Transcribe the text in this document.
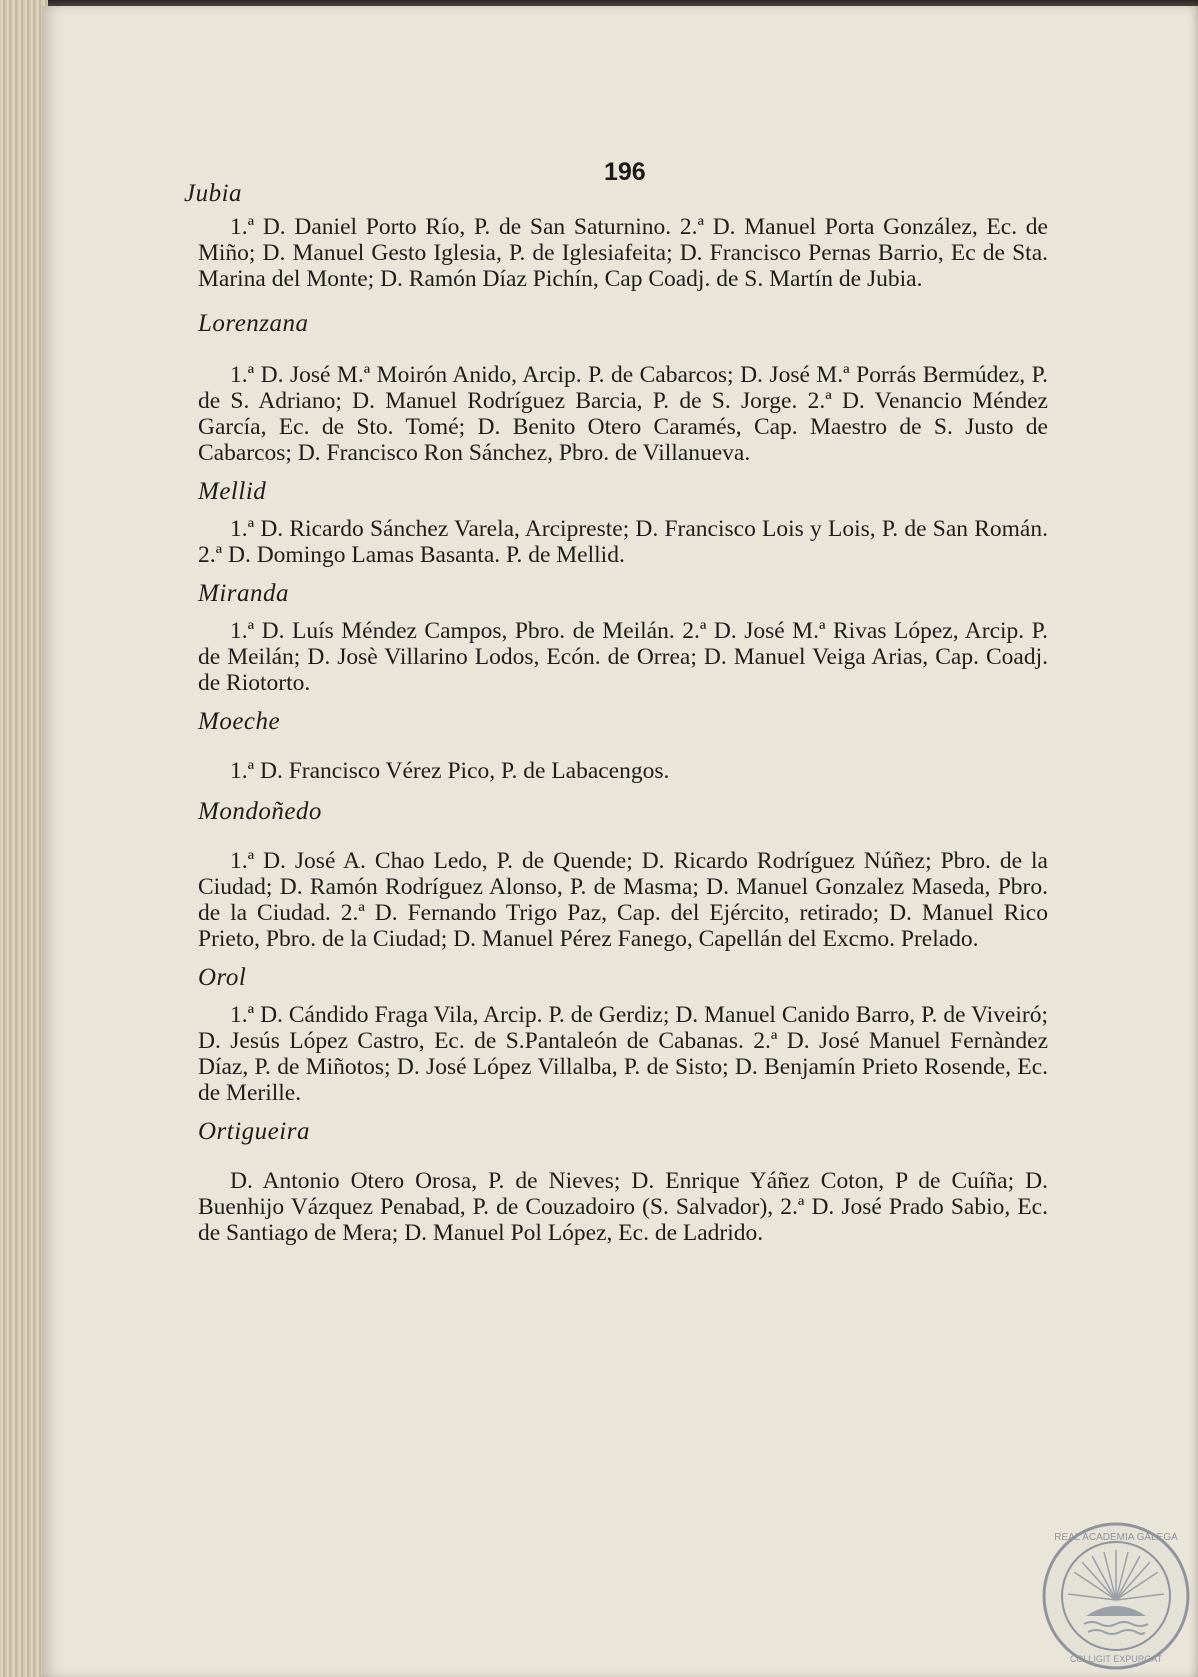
196
Jubia

1.ª D. Daniel Porto Río, P. de San Saturnino. 2.ª D. Manuel Porta González, Ec. de Miño; D. Manuel Gesto Iglesia, P. de Iglesiafeita; D. Francisco Pernas Barrio, Ec de Sta. Marina del Monte; D. Ramón Díaz Pichín, Cap Coadj. de S. Martín de Jubia.

Lorenzana

1.ª D. José M.ª Moirón Anido, Arcip. P. de Cabarcos; D. José M.ª Porrás Bermúdez, P. de S. Adriano; D. Manuel Rodríguez Barcia, P. de S. Jorge. 2.ª D. Venancio Méndez García, Ec. de Sto. Tomé; D. Benito Otero Caramés, Cap. Maestro de S. Justo de Cabarcos; D. Francisco Ron Sánchez, Pbro. de Villanueva.

Mellid

1.ª D. Ricardo Sánchez Varela, Arcipreste; D. Francisco Lois y Lois, P. de San Román. 2.ª D. Domingo Lamas Basanta. P. de Mellid.

Miranda

1.ª D. Luís Méndez Campos, Pbro. de Meilán. 2.ª D. José M.ª Rivas López, Arcip. P. de Meilán; D. Josè Villarino Lodos, Ecón. de Orrea; D. Manuel Veiga Arias, Cap. Coadj. de Riotorto.

Moeche

1.ª D. Francisco Vérez Pico, P. de Labacengos.

Mondoñedo

1.ª D. José A. Chao Ledo, P. de Quende; D. Ricardo Rodríguez Núñez; Pbro. de la Ciudad; D. Ramón Rodríguez Alonso, P. de Masma; D. Manuel Gonzalez Maseda, Pbro. de la Ciudad. 2.ª D. Fernando Trigo Paz, Cap. del Ejército, retirado; D. Manuel Rico Prieto, Pbro. de la Ciudad; D. Manuel Pérez Fanego, Capellán del Excmo. Prelado.

Orol

1.ª D. Cándido Fraga Vila, Arcip. P. de Gerdiz; D. Manuel Canido Barro, P. de Viveiró; D. Jesús López Castro, Ec. de S.Pantaleón de Cabanas. 2.ª D. José Manuel Fernàndez Díaz, P. de Miñotos; D. José López Villalba, P. de Sisto; D. Benjamín Prieto Rosende, Ec. de Merille.

Ortigueira

D. Antonio Otero Orosa, P. de Nieves; D. Enrique Yáñez Coton, P de Cuíña; D. Buenhijo Vázquez Penabad, P. de Couzadoiro (S. Salvador), 2.ª D. José Prado Sabio, Ec. de Santiago de Mera; D. Manuel Pol López, Ec. de Ladrido.

REAL ACADEMIA GALEGA
COLLIGIT EXPURGAT
